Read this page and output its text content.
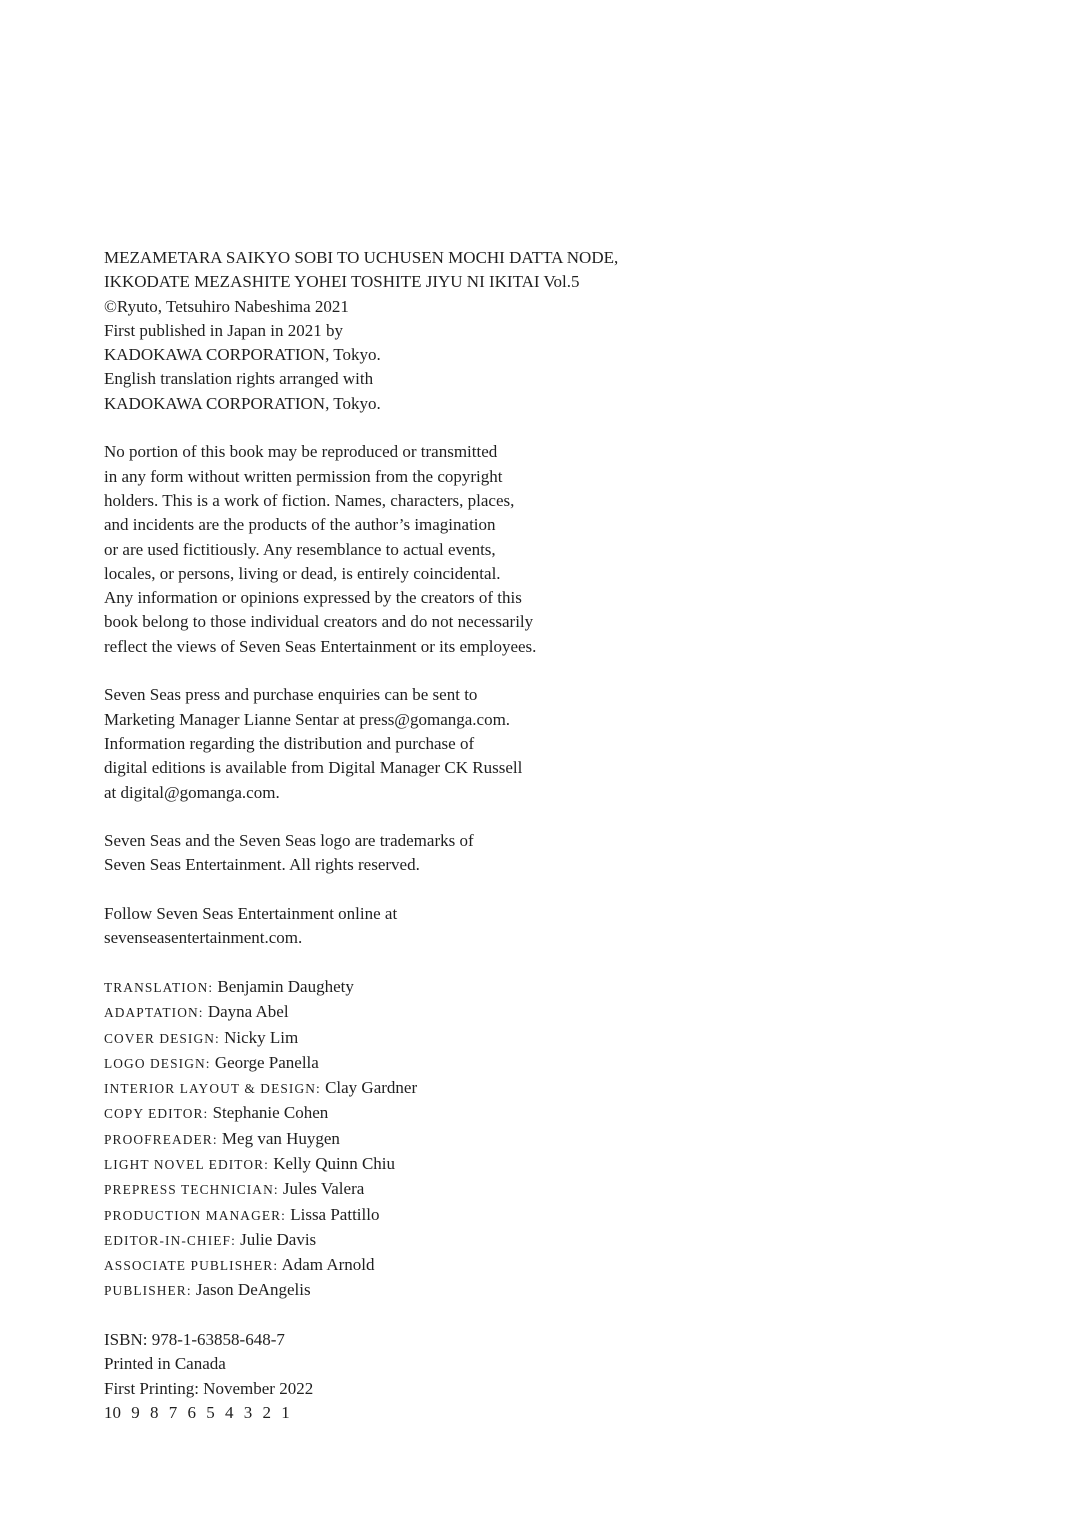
MEZAMETARA SAIKYO SOBI TO UCHUSEN MOCHI DATTA NODE,
IKKODATE MEZASHITE YOHEI TOSHITE JIYU NI IKITAI Vol.5
©Ryuto, Tetsuhiro Nabeshima 2021
First published in Japan in 2021 by
KADOKAWA CORPORATION, Tokyo.
English translation rights arranged with
KADOKAWA CORPORATION, Tokyo.

No portion of this book may be reproduced or transmitted
in any form without written permission from the copyright
holders. This is a work of fiction. Names, characters, places,
and incidents are the products of the author’s imagination
or are used fictitiously. Any resemblance to actual events,
locales, or persons, living or dead, is entirely coincidental.
Any information or opinions expressed by the creators of this
book belong to those individual creators and do not necessarily
reflect the views of Seven Seas Entertainment or its employees.

Seven Seas press and purchase enquiries can be sent to
Marketing Manager Lianne Sentar at press@gomanga.com.
Information regarding the distribution and purchase of
digital editions is available from Digital Manager CK Russell
at digital@gomanga.com.

Seven Seas and the Seven Seas logo are trademarks of
Seven Seas Entertainment. All rights reserved.

Follow Seven Seas Entertainment online at
sevenseasentertainment.com.

TRANSLATION: Benjamin Daughety
ADAPTATION: Dayna Abel
COVER DESIGN: Nicky Lim
LOGO DESIGN: George Panella
INTERIOR LAYOUT & DESIGN: Clay Gardner
COPY EDITOR: Stephanie Cohen
PROOFREADER: Meg van Huygen
LIGHT NOVEL EDITOR: Kelly Quinn Chiu
PREPRESS TECHNICIAN: Jules Valera
PRODUCTION MANAGER: Lissa Pattillo
EDITOR-IN-CHIEF: Julie Davis
ASSOCIATE PUBLISHER: Adam Arnold
PUBLISHER: Jason DeAngelis
ISBN: 978-1-63858-648-7
Printed in Canada
First Printing: November 2022
10 9 8 7 6 5 4 3 2 1
